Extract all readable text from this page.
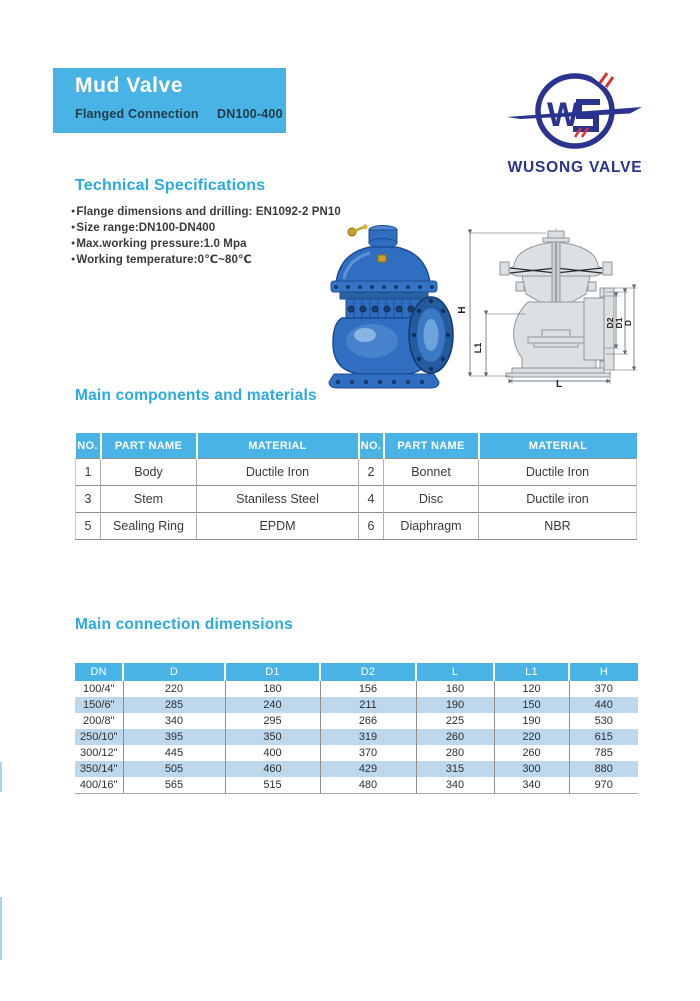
Mud Valve
Flanged Connection DN100-400	W
WUSONG VALVE
Technical Specifications
●Flange dimensions and drilling: EN1092-2 PN10
●Size range:DN100-DN400
●Max.working pressure:1.0 Mpa
●Working temperature:0℃~80℃
H
L1
L
D2 D1 D
Main components and materials
NO.	PART NAME	MATERIAL	NO.	PART NAME	MATERIAL
1	Body	Ductile Iron	2	Bonnet	Ductile Iron
3	Stem	Staniless Steel	4	Disc	Ductile iron
5	Sealing Ring	EPDM	6	Diaphragm	NBR
Main connection dimensions
DN	D	D1	D2	L	L1	H
100/4"	220	180	156	160	120	370
150/6"	285	240	211	190	150	440
200/8"	340	295	266	225	190	530
250/10"	395	350	319	260	220	615
300/12"	445	400	370	280	260	785
350/14''	505	460	429	315	300	880
400/16''	565	515	480	340	340	970
